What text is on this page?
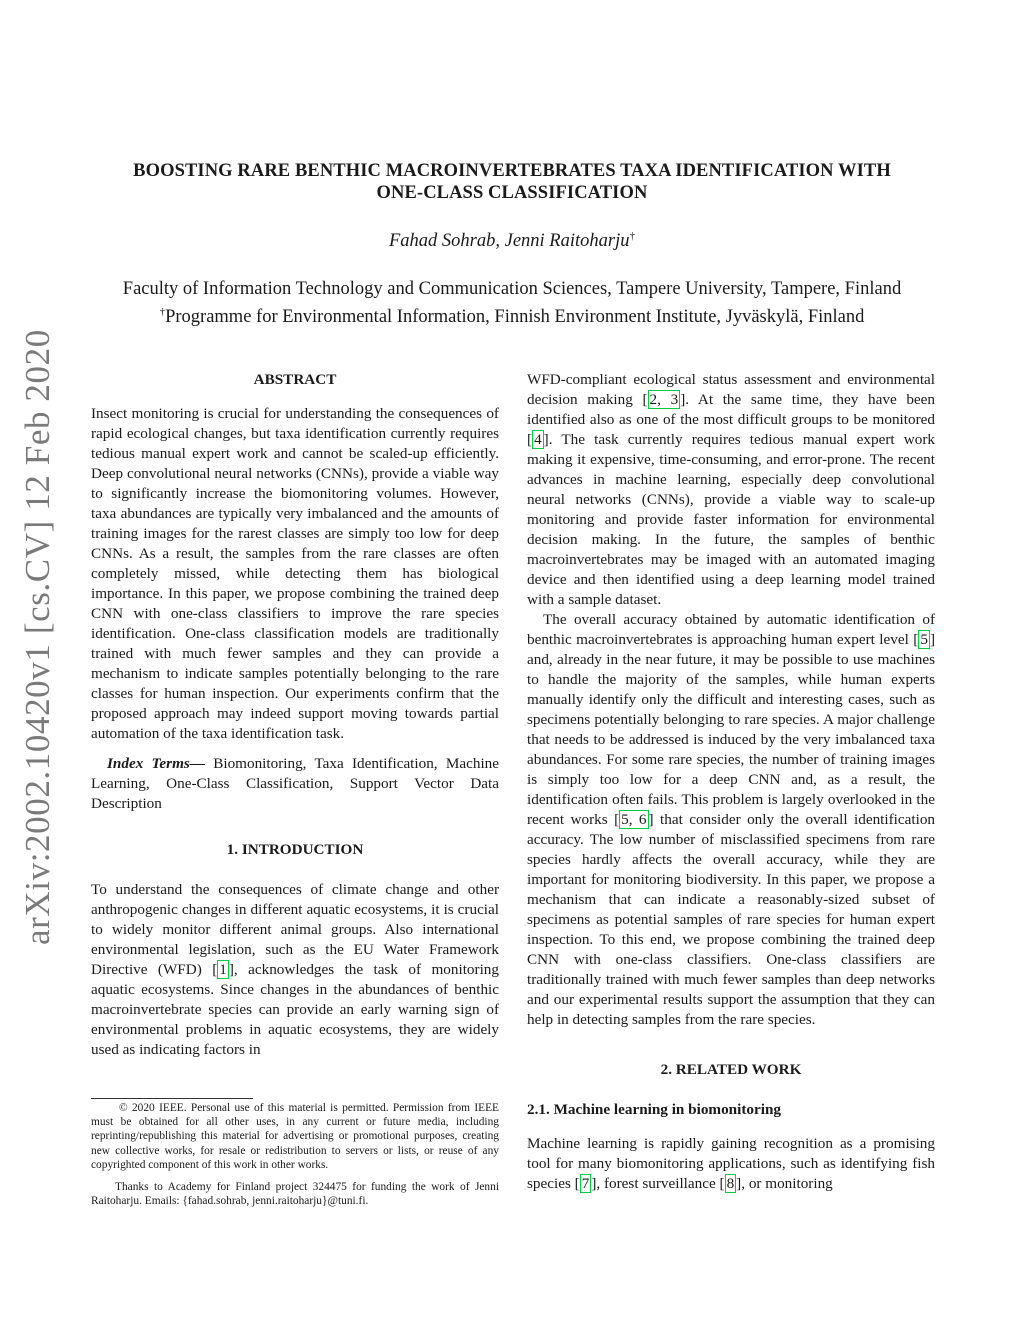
arXiv:2002.10420v1 [cs.CV] 12 Feb 2020
BOOSTING RARE BENTHIC MACROINVERTEBRATES TAXA IDENTIFICATION WITH
ONE-CLASS CLASSIFICATION
Fahad Sohrab, Jenni Raitoharju†
Faculty of Information Technology and Communication Sciences, Tampere University, Tampere, Finland
†Programme for Environmental Information, Finnish Environment Institute, Jyväskylä, Finland
ABSTRACT

Insect monitoring is crucial for understanding the consequences of rapid ecological changes, but taxa identification currently requires tedious manual expert work and cannot be scaled-up efficiently. Deep convolutional neural networks (CNNs), provide a viable way to significantly increase the biomonitoring volumes. However, taxa abundances are typically very imbalanced and the amounts of training images for the rarest classes are simply too low for deep CNNs. As a result, the samples from the rare classes are often completely missed, while detecting them has biological importance. In this paper, we propose combining the trained deep CNN with one-class classifiers to improve the rare species identification. One-class classification models are traditionally trained with much fewer samples and they can provide a mechanism to indicate samples potentially belonging to the rare classes for human inspection. Our experiments confirm that the proposed approach may indeed support moving towards partial automation of the taxa identification task.

Index Terms— Biomonitoring, Taxa Identification, Machine Learning, One-Class Classification, Support Vector Data Description

1. INTRODUCTION

To understand the consequences of climate change and other anthropogenic changes in different aquatic ecosystems, it is crucial to widely monitor different animal groups. Also international environmental legislation, such as the EU Water Framework Directive (WFD) [ 1 ], acknowledges the task of monitoring aquatic ecosystems. Since changes in the abundances of benthic macroinvertebrate species can provide an early warning sign of environmental problems in aquatic ecosystems, they are widely used as indicating factors in

© 2020 IEEE. Personal use of this material is permitted. Permission from IEEE must be obtained for all other uses, in any current or future media, including reprinting/republishing this material for advertising or promotional purposes, creating new collective works, for resale or redistribution to servers or lists, or reuse of any copyrighted component of this work in other works.
Thanks to Academy for Finland project 324475 for funding the work of Jenni Raitoharju. Emails: {fahad.sohrab, jenni.raitoharju}@tuni.fi.

WFD-compliant ecological status assessment and environmental decision making [ 2, 3 ]. At the same time, they have been identified also as one of the most difficult groups to be monitored [ 4 ]. The task currently requires tedious manual expert work making it expensive, time-consuming, and error-prone. The recent advances in machine learning, especially deep convolutional neural networks (CNNs), provide a viable way to scale-up monitoring and provide faster information for environmental decision making. In the future, the samples of benthic macroinvertebrates may be imaged with an automated imaging device and then identified using a deep learning model trained with a sample dataset.

The overall accuracy obtained by automatic identification of benthic macroinvertebrates is approaching human expert level [ 5 ] and, already in the near future, it may be possible to use machines to handle the majority of the samples, while human experts manually identify only the difficult and interesting cases, such as specimens potentially belonging to rare species. A major challenge that needs to be addressed is induced by the very imbalanced taxa abundances. For some rare species, the number of training images is simply too low for a deep CNN and, as a result, the identification often fails. This problem is largely overlooked in the recent works [ 5, 6 ] that consider only the overall identification accuracy. The low number of misclassified specimens from rare species hardly affects the overall accuracy, while they are important for monitoring biodiversity. In this paper, we propose a mechanism that can indicate a reasonably-sized subset of specimens as potential samples of rare species for human expert inspection. To this end, we propose combining the trained deep CNN with one-class classifiers. One-class classifiers are traditionally trained with much fewer samples than deep networks and our experimental results support the assumption that they can help in detecting samples from the rare species.

2. RELATED WORK
2.1. Machine learning in biomonitoring

Machine learning is rapidly gaining recognition as a promising tool for many biomonitoring applications, such as identifying fish species [ 7 ], forest surveillance [ 8 ], or monitoring
